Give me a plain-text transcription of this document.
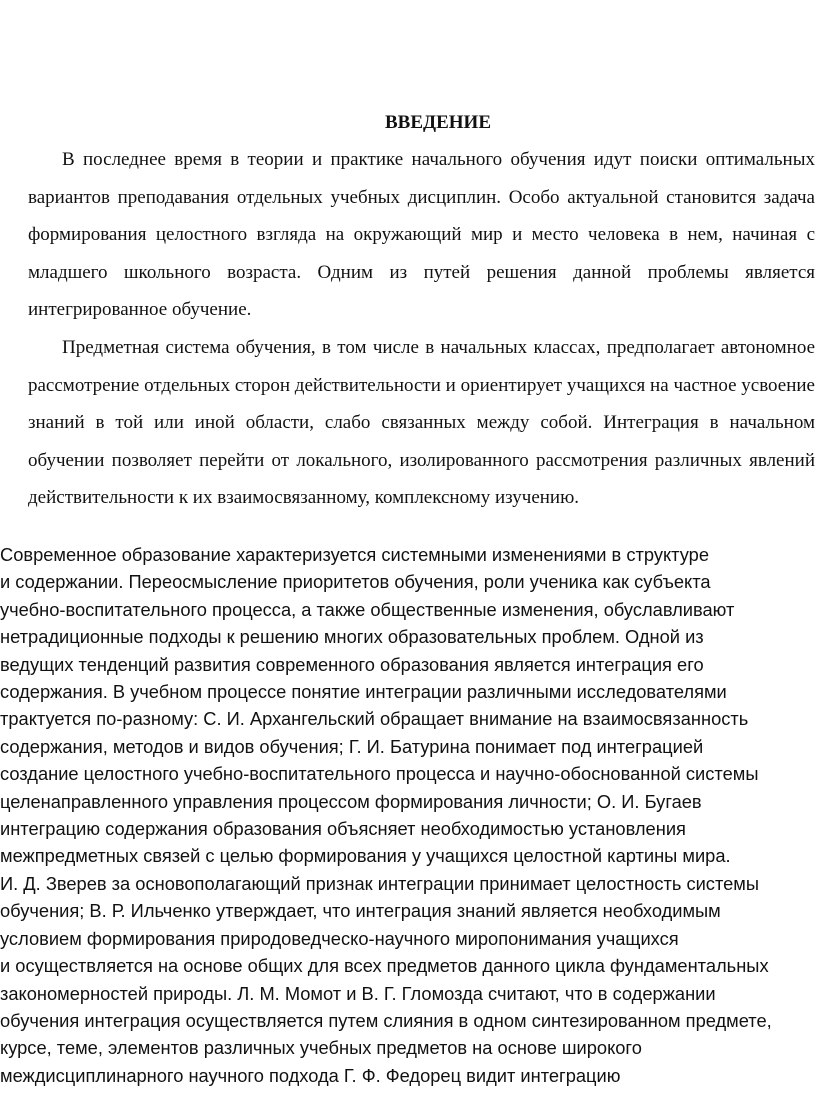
ВВЕДЕНИЕ

В последнее время в теории и практике начального обучения идут поиски оптимальных вариантов преподавания отдельных учебных дисциплин. Особо актуальной становится задача формирования целостного взгляда на окружающий мир и место человека в нем, начиная с младшего школьного возраста. Одним из путей решения данной проблемы является интегрированное обучение.

Предметная система обучения, в том числе в начальных классах, предполагает автономное рассмотрение отдельных сторон действительности и ориентирует учащихся на частное усвоение знаний в той или иной области, слабо связанных между собой. Интеграция в начальном обучении позволяет перейти от локального, изолированного рассмотрения различных явлений действительности к их взаимосвязанному, комплексному изучению.

Современное образование характеризуется системными изменениями в структуре
и содержании. Переосмысление приоритетов обучения, роли ученика как субъекта
учебно-воспитательного процесса, а также общественные изменения, обуславливают
нетрадиционные подходы к решению многих образовательных проблем. Одной из
ведущих тенденций развития современного образования является интеграция его
содержания. В учебном процессе понятие интеграции различными исследователями
трактуется по-разному: С. И. Архангельский обращает внимание на взаимосвязанность
содержания, методов и видов обучения; Г. И. Батурина понимает под интеграцией
создание целостного учебно-воспитательного процесса и научно-обоснованной системы
целенаправленного управления процессом формирования личности; О. И. Бугаев
интеграцию содержания образования объясняет необходимостью установления
межпредметных связей с целью формирования у учащихся целостной картины мира.
И. Д. Зверев за основополагающий признак интеграции принимает целостность системы
обучения; В. Р. Ильченко утверждает, что интеграция знаний является необходимым
условием формирования природоведческо-научного миропонимания учащихся
и осуществляется на основе общих для всех предметов данного цикла фундаментальных
закономерностей природы. Л. М. Момот и В. Г. Гломозда считают, что в содержании
обучения интеграция осуществляется путем слияния в одном синтезированном предмете,
курсе, теме, элементов различных учебных предметов на основе широкого
междисциплинарного научного подхода Г. Ф. Федорец видит интеграцию
